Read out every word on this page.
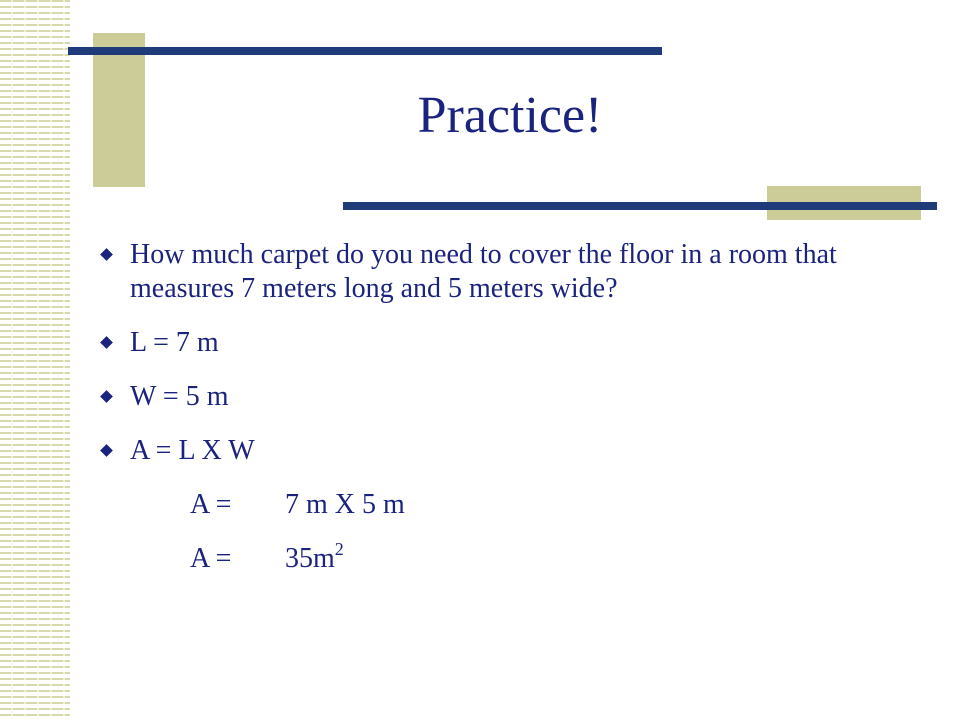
Practice!
How much carpet do you need to cover the floor in a room that measures 7 meters long and 5 meters wide?
L = 7 m
W = 5 m
A = L X W
A = 7 m X 5 m
$A = 35m^2$
